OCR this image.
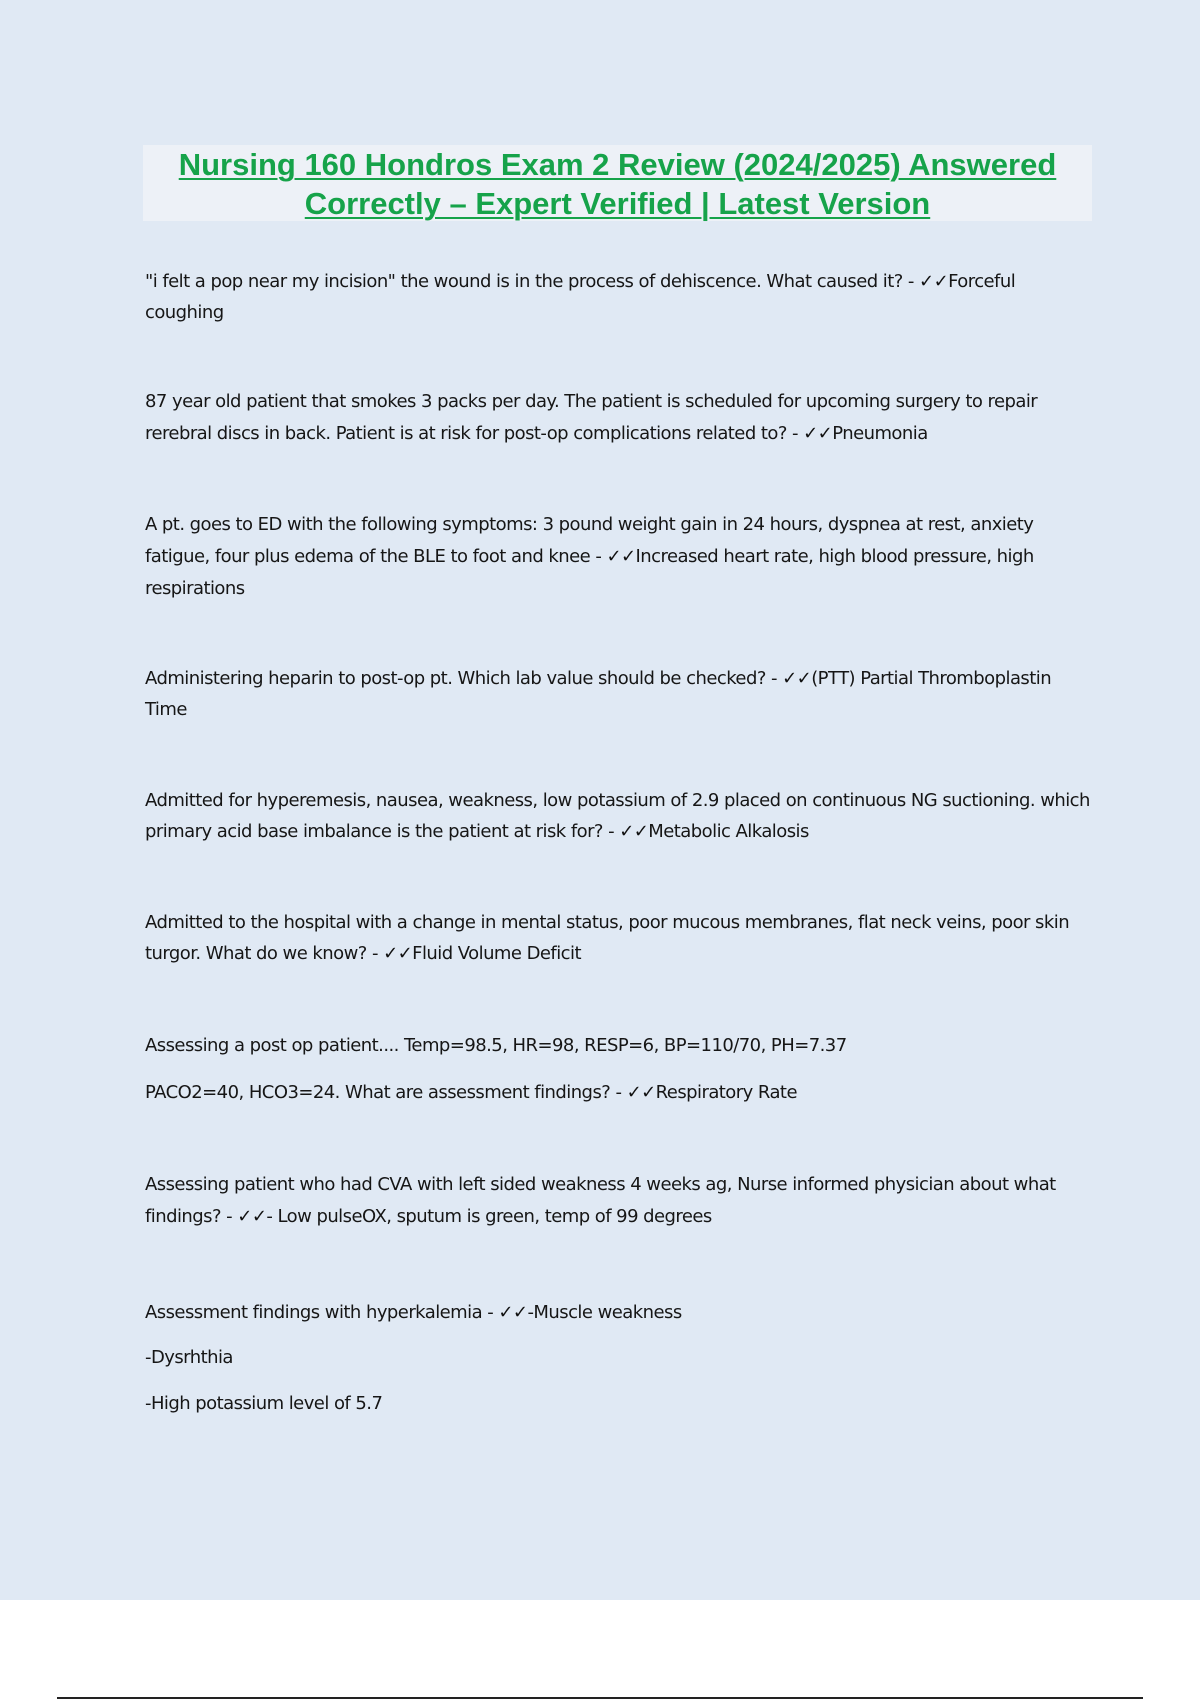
Nursing 160 Hondros Exam 2 Review (2024/2025) Answered
Correctly – Expert Verified | Latest Version

"i felt a pop near my incision" the wound is in the process of dehiscence. What caused it? - ✓✓Forceful coughing

87 year old patient that smokes 3 packs per day. The patient is scheduled for upcoming surgery to repair rerebral discs in back. Patient is at risk for post-op complications related to? - ✓✓Pneumonia

A pt. goes to ED with the following symptoms: 3 pound weight gain in 24 hours, dyspnea at rest, anxiety fatigue, four plus edema of the BLE to foot and knee - ✓✓Increased heart rate, high blood pressure, high respirations

Administering heparin to post-op pt. Which lab value should be checked? - ✓✓(PTT) Partial Thromboplastin Time

Admitted for hyperemesis, nausea, weakness, low potassium of 2.9 placed on continuous NG suctioning. which primary acid base imbalance is the patient at risk for? - ✓✓Metabolic Alkalosis

Admitted to the hospital with a change in mental status, poor mucous membranes, flat neck veins, poor skin turgor. What do we know? - ✓✓Fluid Volume Deficit

Assessing a post op patient.... Temp=98.5, HR=98, RESP=6, BP=110/70, PH=7.37

PACO2=40, HCO3=24. What are assessment findings? - ✓✓Respiratory Rate

Assessing patient who had CVA with left sided weakness 4 weeks ag, Nurse informed physician about what findings? - ✓✓- Low pulseOX, sputum is green, temp of 99 degrees

Assessment findings with hyperkalemia - ✓✓-Muscle weakness

-Dysrhthia

-High potassium level of 5.7
